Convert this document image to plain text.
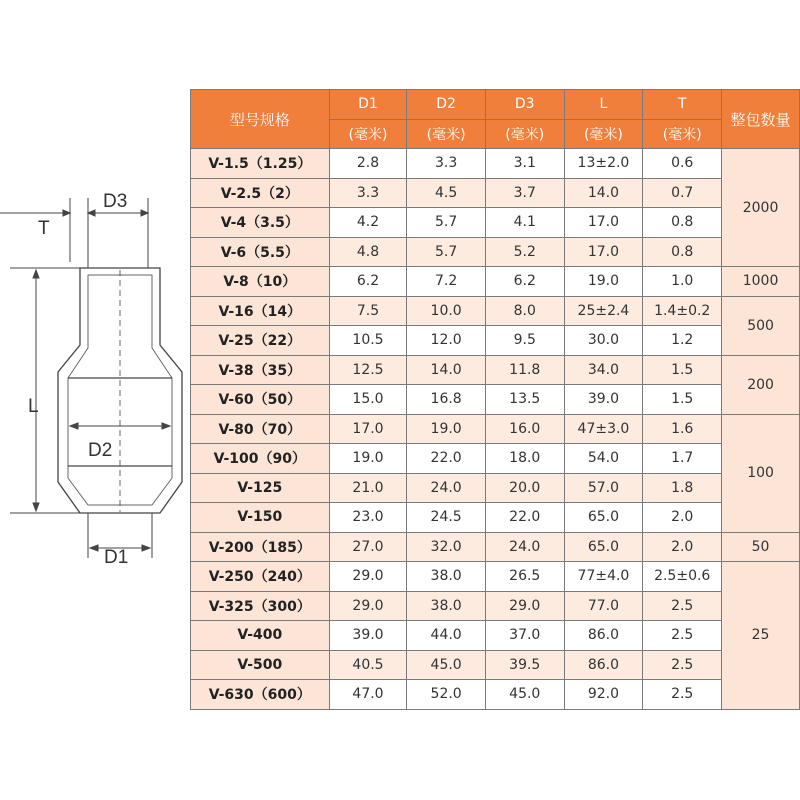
T
D3
L
D2
D1
型号规格	D1	D2	D3	L	T	整包数量
	(毫米)	(毫米)	(毫米)	(毫米)	(毫米)	
V-1.5（1.25）	2.8	3.3	3.1	13±2.0	0.6	2000
V-2.5（2）	3.3	4.5	3.7	14.0	0.7	
V-4（3.5）	4.2	5.7	4.1	17.0	0.8	
V-6（5.5）	4.8	5.7	5.2	17.0	0.8	
V-8（10）	6.2	7.2	6.2	19.0	1.0	1000
V-16（14）	7.5	10.0	8.0	25±2.4	1.4±0.2	500
V-25（22）	10.5	12.0	9.5	30.0	1.2	
V-38（35）	12.5	14.0	11.8	34.0	1.5	200
V-60（50）	15.0	16.8	13.5	39.0	1.5	
V-80（70）	17.0	19.0	16.0	47±3.0	1.6	100
V-100（90）	19.0	22.0	18.0	54.0	1.7	
V-125	21.0	24.0	20.0	57.0	1.8	
V-150	23.0	24.5	22.0	65.0	2.0	
V-200（185）	27.0	32.0	24.0	65.0	2.0	50
V-250（240）	29.0	38.0	26.5	77±4.0	2.5±0.6	25
V-325（300）	29.0	38.0	29.0	77.0	2.5	
V-400	39.0	44.0	37.0	86.0	2.5	
V-500	40.5	45.0	39.5	86.0	2.5	
V-630（600）	47.0	52.0	45.0	92.0	2.5	
